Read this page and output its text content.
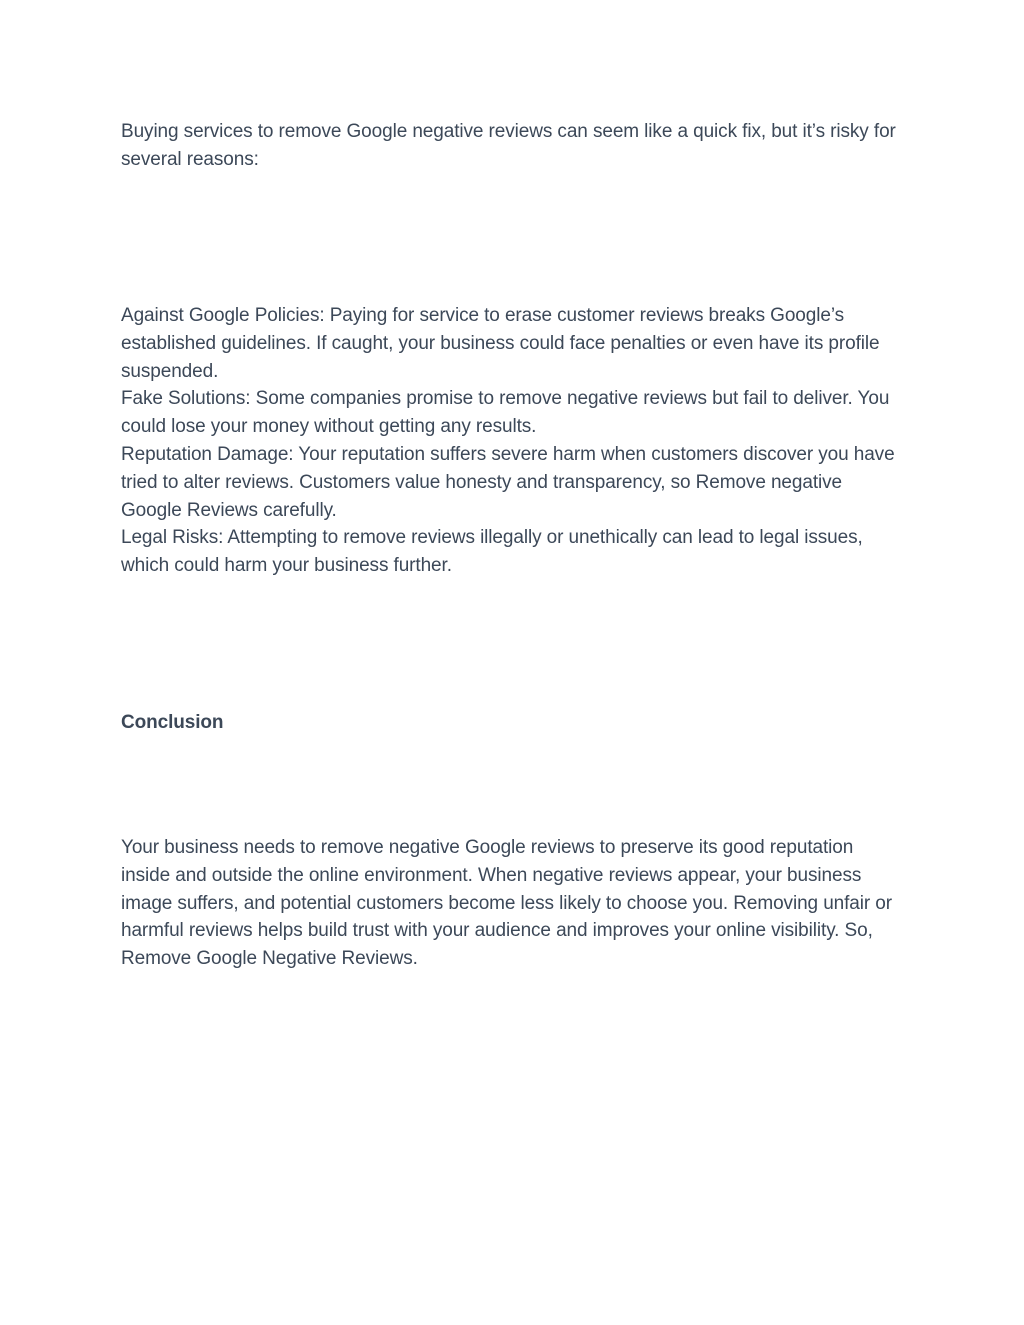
Buying services to remove Google negative reviews can seem like a quick fix, but it’s risky for several reasons:

Against Google Policies: Paying for service to erase customer reviews breaks Google’s established guidelines. If caught, your business could face penalties or even have its profile suspended.

Fake Solutions: Some companies promise to remove negative reviews but fail to deliver. You could lose your money without getting any results.

Reputation Damage: Your reputation suffers severe harm when customers discover you have tried to alter reviews. Customers value honesty and transparency, so Remove negative Google Reviews carefully.

Legal Risks: Attempting to remove reviews illegally or unethically can lead to legal issues, which could harm your business further.

Conclusion

Your business needs to remove negative Google reviews to preserve its good reputation inside and outside the online environment. When negative reviews appear, your business image suffers, and potential customers become less likely to choose you. Removing unfair or harmful reviews helps build trust with your audience and improves your online visibility. So, Remove Google Negative Reviews.
